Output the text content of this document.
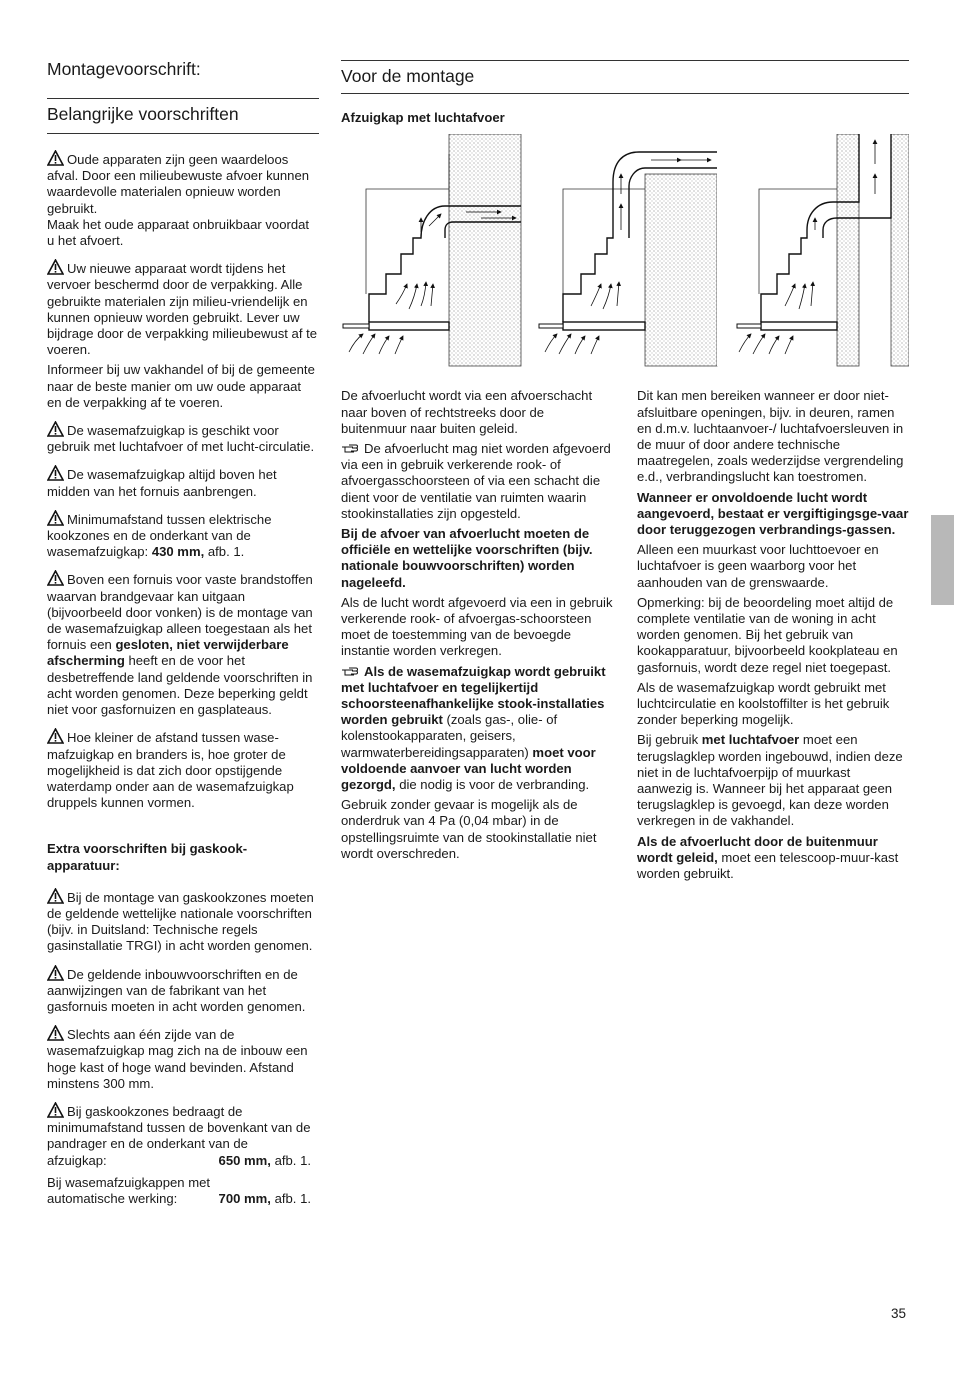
Montagevoorschrift:
Belangrijke voorschriften

Oude apparaten zijn geen waardeloos afval. Door een milieubewuste afvoer kunnen waardevolle materialen opnieuw worden gebruikt.
Maak het oude apparaat onbruikbaar voordat u het afvoert.

Uw nieuwe apparaat wordt tijdens het vervoer beschermd door de verpakking. Alle gebruikte materialen zijn milieu-vriendelijk en kunnen opnieuw worden gebruikt. Lever uw bijdrage door de verpakking milieubewust af te voeren.

Informeer bij uw vakhandel of bij de gemeente naar de beste manier om uw oude apparaat en de verpakking af te voeren.

De wasemafzuigkap is geschikt voor gebruik met luchtafvoer of met lucht-circulatie.

De wasemafzuigkap altijd boven het midden van het fornuis aanbrengen.

Minimumafstand tussen elektrische kookzones en de onderkant van de wasemafzuigkap: 430 mm, afb. 1.

Boven een fornuis voor vaste brandstoffen waarvan brandgevaar kan uitgaan (bijvoorbeeld door vonken) is de montage van de wasemafzuigkap alleen toegestaan als het fornuis een gesloten, niet verwijderbare afscherming heeft en de voor het desbetreffende land geldende voorschriften in acht worden genomen. Deze beperking geldt niet voor gasfornuizen en gasplateaus.

Hoe kleiner de afstand tussen wase-mafzuigkap en branders is, hoe groter de mogelijkheid is dat zich door opstijgende waterdamp onder aan de wasemafzuigkap druppels kunnen vormen.

Extra voorschriften bij gaskook-apparatuur:

Bij de montage van gaskookzones moeten de geldende wettelijke nationale voorschriften (bijv. in Duitsland: Technische regels gasinstallatie TRGI) in acht worden genomen.

De geldende inbouwvoorschriften en de aanwijzingen van de fabrikant van het gasfornuis moeten in acht worden genomen.

Slechts aan één zijde van de wasemafzuigkap mag zich na de inbouw een hoge kast of hoge wand bevinden. Afstand minstens 300 mm.

Bij gaskookzones bedraagt de minimumafstand tussen de bovenkant van de pandrager en de onderkant van de

afzuigkap:	650 mm, afb. 1.
Bij wasemafzuigkappen met
automatische werking:	700 mm, afb. 1.
Voor de montage

Afzuigkap met luchtafvoer

De afvoerlucht wordt via een afvoerschacht naar boven of rechtstreeks door de buitenmuur naar buiten geleid.

De afvoerlucht mag niet worden afgevoerd via een in gebruik verkerende rook- of afvoergasschoorsteen of via een schacht die dient voor de ventilatie van ruimten waarin stookinstallaties zijn opgesteld.

Bij de afvoer van afvoerlucht moeten de officiële en wettelijke voorschriften (bijv. nationale bouwvoorschriften) worden nageleefd.

Als de lucht wordt afgevoerd via een in gebruik verkerende rook- of afvoergas-schoorsteen moet de toestemming van de bevoegde instantie worden verkregen.

Als de wasemafzuigkap wordt gebruikt met luchtafvoer en tegelijkertijd schoorsteenafhankelijke stook-installaties worden gebruikt (zoals gas-, olie- of kolenstookapparaten, geisers, warmwaterbereidingsapparaten) moet voor voldoende aanvoer van lucht worden gezorgd, die nodig is voor de verbranding.

Gebruik zonder gevaar is mogelijk als de onderdruk van 4 Pa (0,04 mbar) in de opstellingsruimte van de stookinstallatie niet wordt overschreden.

Dit kan men bereiken wanneer er door niet-afsluitbare openingen, bijv. in deuren, ramen en d.m.v. luchtaanvoer-/ luchtafvoersleuven in de muur of door andere technische maatregelen, zoals wederzijdse vergrendeling e.d., verbrandingslucht kan toestromen.

Wanneer er onvoldoende lucht wordt aangevoerd, bestaat er vergiftigingsge-vaar door teruggezogen verbrandings-gassen.

Alleen een muurkast voor luchttoevoer en luchtafvoer is geen waarborg voor het aanhouden van de grenswaarde.

Opmerking: bij de beoordeling moet altijd de complete ventilatie van de woning in acht worden genomen. Bij het gebruik van kookapparatuur, bijvoorbeeld kookplateau en gasfornuis, wordt deze regel niet toegepast.

Als de wasemafzuigkap wordt gebruikt met luchtcirculatie en koolstoffilter is het gebruik zonder beperking mogelijk.

Bij gebruik met luchtafvoer moet een terugslagklep worden ingebouwd, indien deze niet in de luchtafvoerpijp of muurkast aanwezig is. Wanneer bij het apparaat geen terugslagklep is gevoegd, kan deze worden verkregen in de vakhandel.

Als de afvoerlucht door de buitenmuur wordt geleid, moet een telescoop-muur-kast worden gebruikt.

35
